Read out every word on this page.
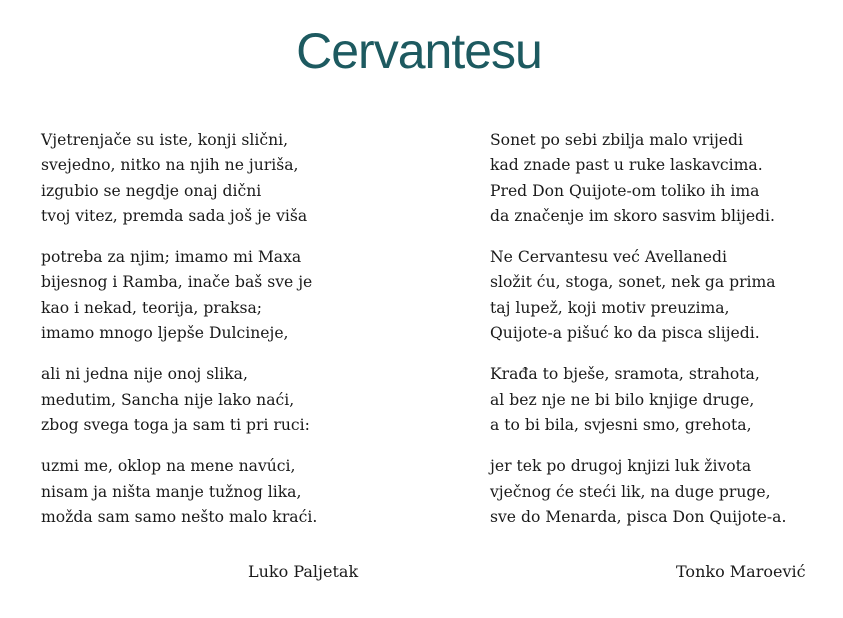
Cervantesu
Vjetrenjače su iste, konji slični,
svejedno, nitko na njih ne juriša,
izgubio se negdje onaj dični
tvoj vitez, premda sada još je viša
potreba za njim; imamo mi Maxa
bijesnog i Ramba, inače baš sve je
kao i nekad, teorija, praksa;
imamo mnogo ljepše Dulcineje,
ali ni jedna nije onoj slika,
medutim, Sancha nije lako naći,
zbog svega toga ja sam ti pri ruci:
uzmi me, oklop na mene navúci,
nisam ja ništa manje tužnog lika,
možda sam samo nešto malo kraći.
Sonet po sebi zbilja malo vrijedi
kad znade past u ruke laskavcima.
Pred Don Quijote-om toliko ih ima
da značenje im skoro sasvim blijedi.
Ne Cervantesu već Avellanedi
složit ću, stoga, sonet, nek ga prima
taj lupež, koji motiv preuzima,
Quijote-a pišuć ko da pisca slijedi.
Krađa to bješe, sramota, strahota,
al bez nje ne bi bilo knjige druge,
a to bi bila, svjesni smo, grehota,
jer tek po drugoj knjizi luk života
vječnog će steći lik, na duge pruge,
sve do Menarda, pisca Don Quijote-a.
Luko Paljetak	Tonko Maroević
